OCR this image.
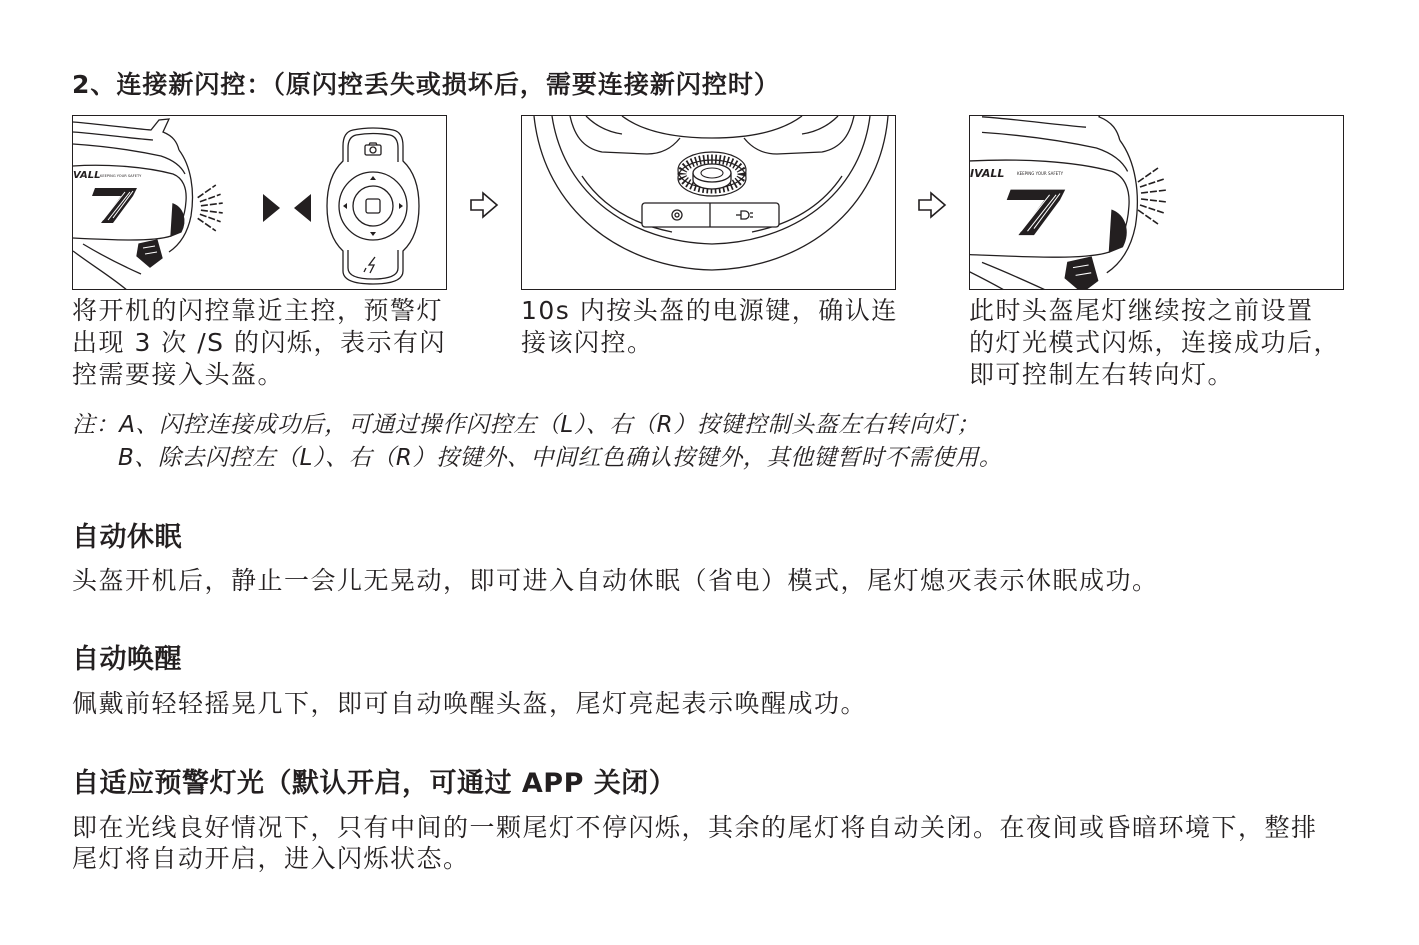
2、连接新闪控：（原闪控丢失或损坏后，需要连接新闪控时）
VALL KEEPING YOUR SAFETY	IVALL	KEEPING YOUR SAFETY
将开机的闪控靠近主控，预警灯
出现 3 次 /S 的闪烁，表示有闪
控需要接入头盔。
10s 内按头盔的电源键，确认连
接该闪控。
此时头盔尾灯继续按之前设置
的灯光模式闪烁，连接成功后，
即可控制左右转向灯。
注：A、闪控连接成功后，可通过操作闪控左（L）、右（R）按键控制头盔左右转向灯；
B、除去闪控左（L）、右（R）按键外、中间红色确认按键外，其他键暂时不需使用。
自动休眠
头盔开机后，静止一会儿无晃动，即可进入自动休眠（省电）模式，尾灯熄灭表示休眠成功。
自动唤醒
佩戴前轻轻摇晃几下，即可自动唤醒头盔，尾灯亮起表示唤醒成功。
自适应预警灯光（默认开启，可通过 APP 关闭）
即在光线良好情况下，只有中间的一颗尾灯不停闪烁，其余的尾灯将自动关闭。在夜间或昏暗环境下，整排
尾灯将自动开启，进入闪烁状态。
